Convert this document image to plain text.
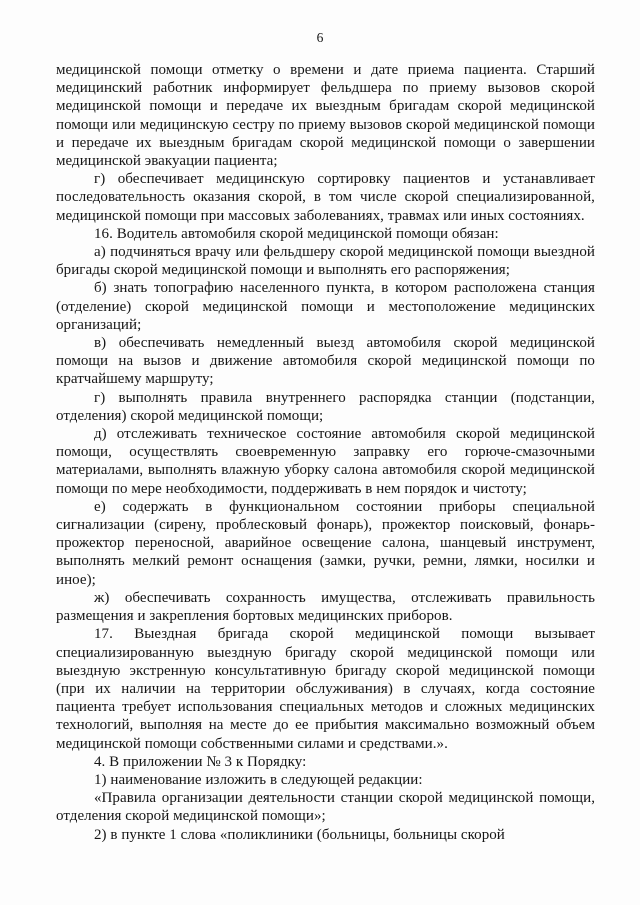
6

медицинской помощи отметку о времени и дате приема пациента. Старший медицинский работник информирует фельдшера по приему вызовов скорой медицинской помощи и передаче их выездным бригадам скорой медицинской помощи или медицинскую сестру по приему вызовов скорой медицинской помощи и передаче их выездным бригадам скорой медицинской помощи о завершении медицинской эвакуации пациента;

г) обеспечивает медицинскую сортировку пациентов и устанавливает последовательность оказания скорой, в том числе скорой специализированной, медицинской помощи при массовых заболеваниях, травмах или иных состояниях.

16. Водитель автомобиля скорой медицинской помощи обязан:

а) подчиняться врачу или фельдшеру скорой медицинской помощи выездной бригады скорой медицинской помощи и выполнять его распоряжения;

б) знать топографию населенного пункта, в котором расположена станция (отделение) скорой медицинской помощи и местоположение медицинских организаций;

в) обеспечивать немедленный выезд автомобиля скорой медицинской помощи на вызов и движение автомобиля скорой медицинской помощи по кратчайшему маршруту;

г) выполнять правила внутреннего распорядка станции (подстанции, отделения) скорой медицинской помощи;

д) отслеживать техническое состояние автомобиля скорой медицинской помощи, осуществлять своевременную заправку его горюче-смазочными материалами, выполнять влажную уборку салона автомобиля скорой медицинской помощи по мере необходимости, поддерживать в нем порядок и чистоту;

е) содержать в функциональном состоянии приборы специальной сигнализации (сирену, проблесковый фонарь), прожектор поисковый, фонарь-прожектор переносной, аварийное освещение салона, шанцевый инструмент, выполнять мелкий ремонт оснащения (замки, ручки, ремни, лямки, носилки и иное);

ж) обеспечивать сохранность имущества, отслеживать правильность размещения и закрепления бортовых медицинских приборов.

17. Выездная бригада скорой медицинской помощи вызывает специализированную выездную бригаду скорой медицинской помощи или выездную экстренную консультативную бригаду скорой медицинской помощи (при их наличии на территории обслуживания) в случаях, когда состояние пациента требует использования специальных методов и сложных медицинских технологий, выполняя на месте до ее прибытия максимально возможный объем медицинской помощи собственными силами и средствами.».

4. В приложении № 3 к Порядку:

1) наименование изложить в следующей редакции:

«Правила организации деятельности станции скорой медицинской помощи, отделения скорой медицинской помощи»;

2) в пункте 1 слова «поликлиники (больницы, больницы скорой
